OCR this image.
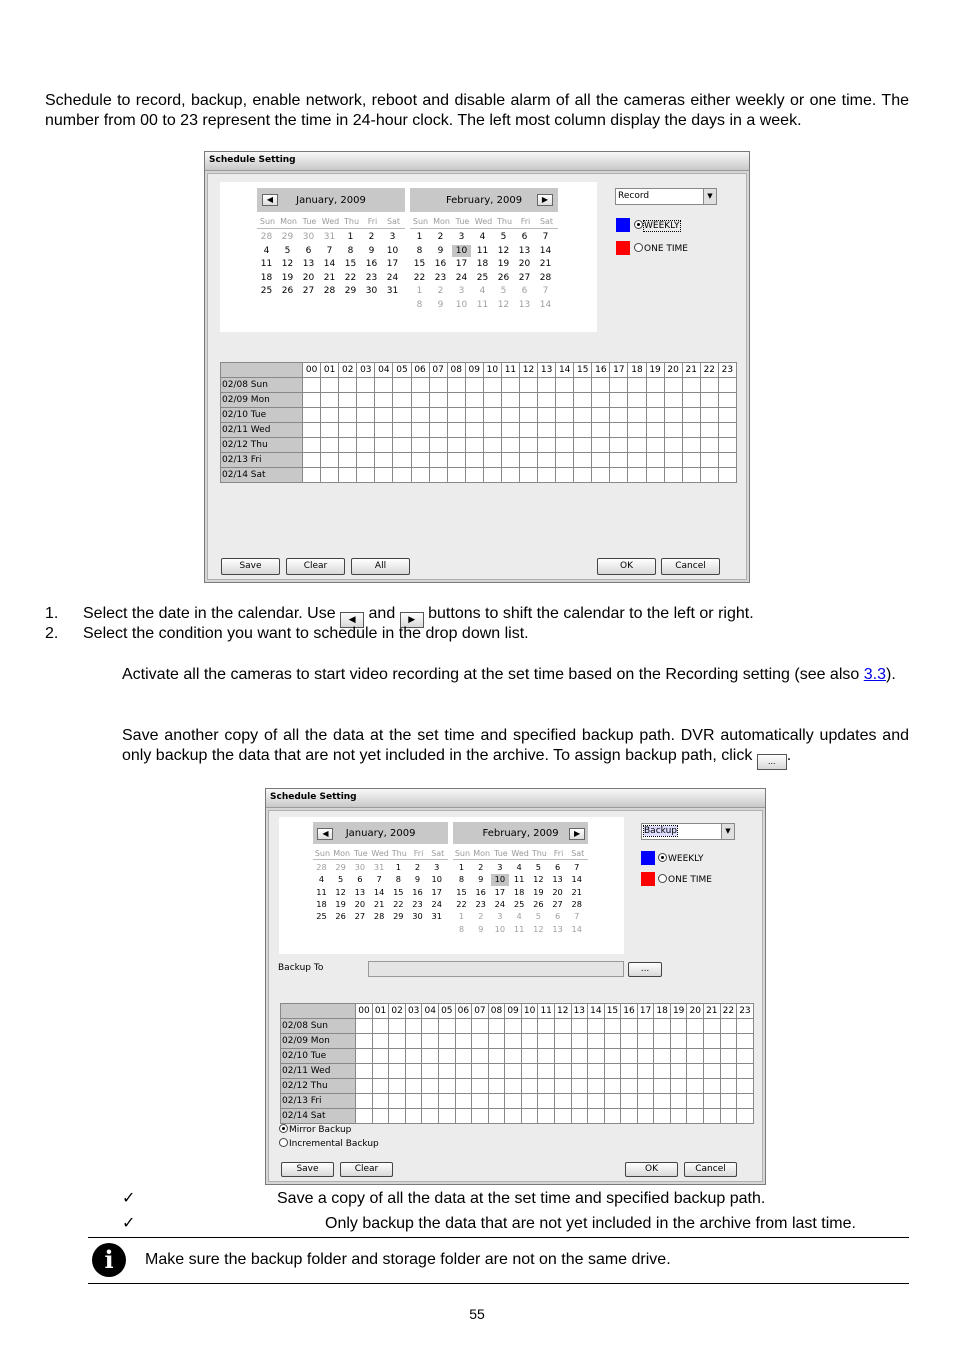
Schedule to record, backup, enable network, reboot and disable alarm of all the cameras either weekly or one time. The number from 00 to 23 represent the time in 24-hour clock. The left most column display the days in a week.

Schedule Setting
January, 2009
◀
Sun Mon Tue Wed Thu	Fri	Sat
28	29	30	31	1	2	3
4	5	6	7	8	9	10
11	12	13	14	15	16	17
18	19	20	21	22	23	24
25	26	27	28	29	30	31
February, 2009	▶
Sun Mon Tue Wed Thu	Fri	Sat
1	2	3	4	5	6	7
8	9	10	11	12	13	14
15	16	17	18	19	20	21
22	23	24	25	26	27	28
1	2	3	4	5	6	7
8	9	10	11	12	13	14
Record	▼
WEEKLY
ONE TIME
	00	01	02	03	04	05	06	07	08	09	10	11	12	13	14	15	16	17	18	19	20	21	22	23
02/08 Sun																								
02/09 Mon																								
02/10 Tue																								
02/11 Wed																								
02/12 Thu																								
02/13 Fri																								
02/14 Sat																								
Save	Clear	All	OK	Cancel
1. Select the date in the calendar. Use ◀ and ▶ buttons to shift the calendar to the left or right.
2. Select the condition you want to schedule in the drop down list.

Activate all the cameras to start video recording at the set time based on the Recording setting (see also 3.3).

Save another copy of all the data at the set time and specified backup path. DVR automatically updates and only backup the data that are not yet included in the archive. To assign backup path, click ... .

Schedule Setting
January, 2009
◀
Sun Mon Tue Wed Thu Fri Sat
28	29	30	31	1	2	3
4	5	6	7	8	9	10
11	12	13	14	15	16	17
18	19	20	21	22	23	24
25	26	27	28	29	30	31
February, 2009	▶
Sun Mon Tue Wed Thu Fri Sat
1	2	3	4	5	6	7
8	9	10	11	12	13	14
15	16	17	18	19	20	21
22	23	24	25	26	27	28
1	2	3	4	5	6	7
8	9	10	11	12	13	14
Backup	▼
WEEKLY
ONE TIME
Backup To	...
	00	01	02	03	04	05	06	07	08	09	10	11	12	13	14	15	16	17	18	19	20	21	22	23
02/08 Sun																								
02/09 Mon																								
02/10 Tue																								
02/11 Wed																								
02/12 Thu																								
02/13 Fri																								
02/14 Sat																								
Mirror Backup
Incremental Backup
Save	Clear	OK	Cancel
✓	Save a copy of all the data at the set time and specified backup path.
✓	Only backup the data that are not yet included in the archive from last time.
i	Make sure the backup folder and storage folder are not on the same drive.
55
